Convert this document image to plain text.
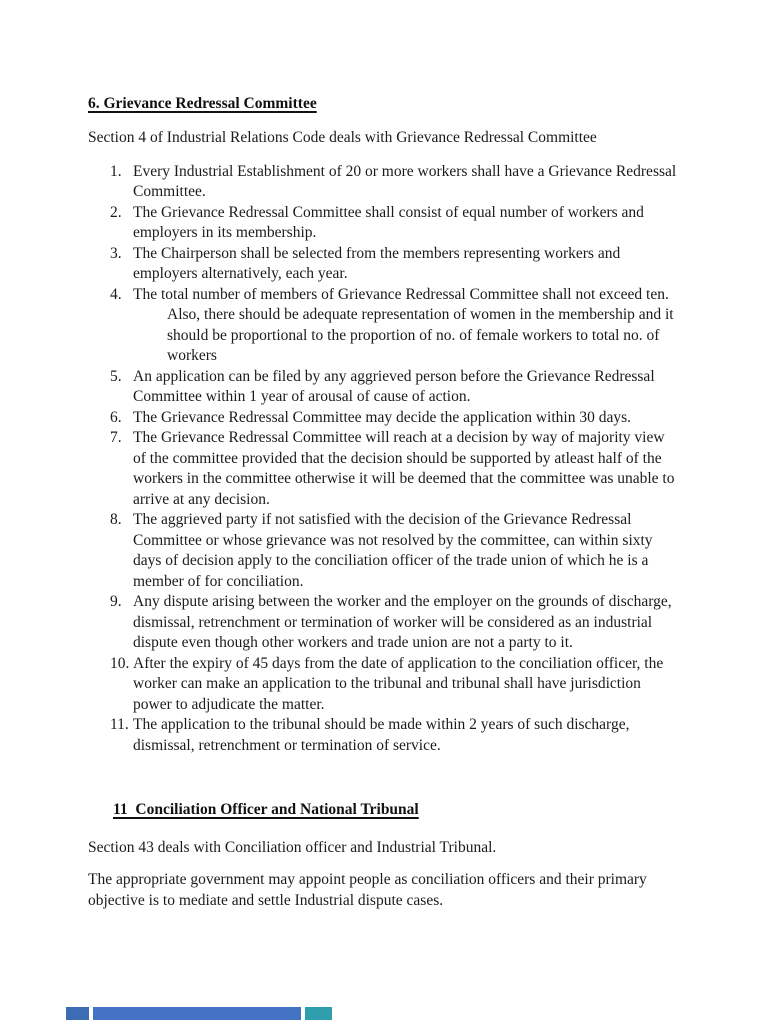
6. Grievance Redressal Committee
Section 4 of Industrial Relations Code deals with Grievance Redressal Committee
1. Every Industrial Establishment of 20 or more workers shall have a Grievance Redressal Committee.
2. The Grievance Redressal Committee shall consist of equal number of workers and employers in its membership.
3. The Chairperson shall be selected from the members representing workers and employers alternatively, each year.
4. The total number of members of Grievance Redressal Committee shall not exceed ten.
Also, there should be adequate representation of women in the membership and it should be proportional to the proportion of no. of female workers to total no. of workers
5. An application can be filed by any aggrieved person before the Grievance Redressal Committee within 1 year of arousal of cause of action.
6. The Grievance Redressal Committee may decide the application within 30 days.
7. The Grievance Redressal Committee will reach at a decision by way of majority view of the committee provided that the decision should be supported by atleast half of the workers in the committee otherwise it will be deemed that the committee was unable to arrive at any decision.
8. The aggrieved party if not satisfied with the decision of the Grievance Redressal Committee or whose grievance was not resolved by the committee, can within sixty days of decision apply to the conciliation officer of the trade union of which he is a member of for conciliation.
9. Any dispute arising between the worker and the employer on the grounds of discharge, dismissal, retrenchment or termination of worker will be considered as an industrial dispute even though other workers and trade union are not a party to it.
10. After the expiry of 45 days from the date of application to the conciliation officer, the worker can make an application to the tribunal and tribunal shall have jurisdiction power to adjudicate the matter.
11. The application to the tribunal should be made within 2 years of such discharge, dismissal, retrenchment or termination of service.
11  Conciliation Officer and National Tribunal
Section 43 deals with Conciliation officer and Industrial Tribunal.
The appropriate government may appoint people as conciliation officers and their primary objective is to mediate and settle Industrial dispute cases.
